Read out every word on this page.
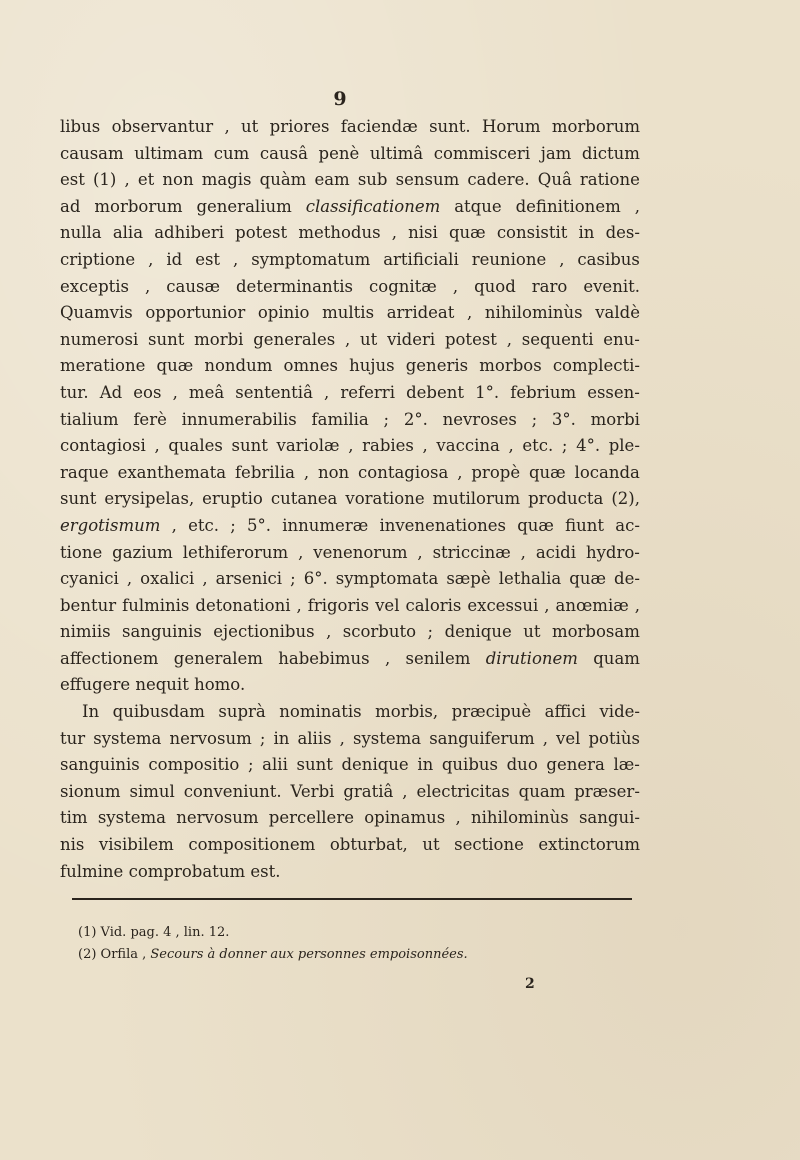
9
libus observantur , ut priores faciendæ sunt. Horum morborum
causam ultimam cum causâ penè ultimâ commisceri jam dictum
est (1) , et non magis quàm eam sub sensum cadere. Quâ ratione
ad morborum generalium classificationem atque definitionem ,
nulla alia adhiberi potest methodus , nisi quæ consistit in des-
criptione , id est , symptomatum artificiali reunione , casibus
exceptis , causæ determinantis cognitæ , quod raro evenit.
Quamvis opportunior opinio multis arrideat , nihilominùs valdè
numerosi sunt morbi generales , ut videri potest , sequenti enu-
meratione quæ nondum omnes hujus generis morbos complecti-
tur. Ad eos , meâ sententiâ , referri debent 1°. febrium essen-
tialium ferè innumerabilis familia ; 2°. nevroses ; 3°. morbi
contagiosi , quales sunt variolæ , rabies , vaccina , etc. ; 4°. ple-
raque exanthemata febrilia , non contagiosa , propè quæ locanda
sunt erysipelas, eruptio cutanea voratione mutilorum producta (2),
ergotismum , etc. ; 5°. innumeræ invenenationes quæ fiunt ac-
tione gazium lethiferorum , venenorum , striccinæ , acidi hydro-
cyanici , oxalici , arsenici ; 6°. symptomata sæpè lethalia quæ de-
bentur fulminis detonationi , frigoris vel caloris excessui , anœmiæ ,
nimiis sanguinis ejectionibus , scorbuto ; denique ut morbosam
affectionem generalem habebimus , senilem dirutionem quam
effugere nequit homo.
In quibusdam suprà nominatis morbis, præcipuè affici vide-
tur systema nervosum ; in aliis , systema sanguiferum , vel potiùs
sanguinis compositio ; alii sunt denique in quibus duo genera læ-
sionum simul conveniunt. Verbi gratiâ , electricitas quam præser-
tim systema nervosum percellere opinamus , nihilominùs sangui-
nis visibilem compositionem obturbat, ut sectione extinctorum
fulmine comprobatum est.
(1) Vid. pag. 4 , lin. 12.
(2) Orfila , Secours à donner aux personnes empoisonnées.
2
